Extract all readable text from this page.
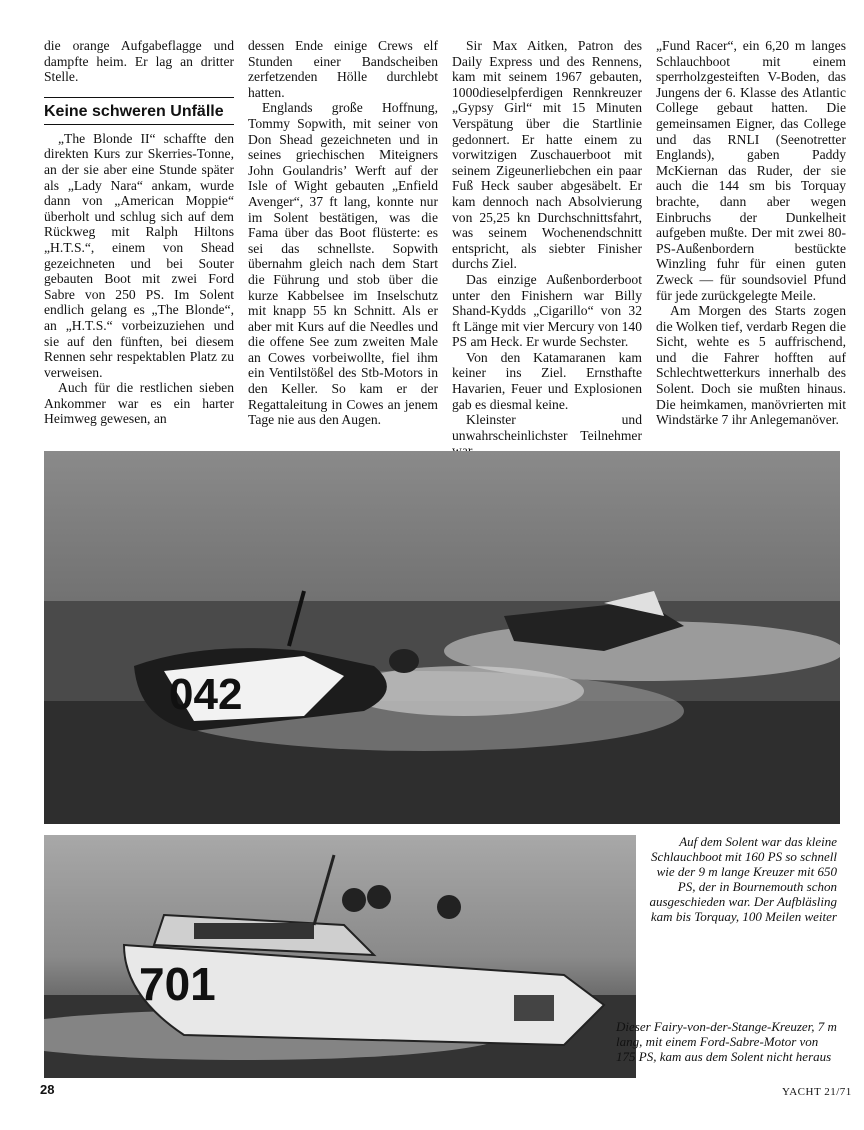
die orange Aufgabeflagge und dampfte heim. Er lag an dritter Stelle.

Keine schweren Unfälle

„The Blonde II“ schaffte den direkten Kurs zur Skerries-Tonne, an der sie aber eine Stunde später als „Lady Nara“ ankam, wurde dann von „American Moppie“ überholt und schlug sich auf dem Rückweg mit Ralph Hiltons „H.T.S.“, einem von Shead gezeichneten und bei Souter gebauten Boot mit zwei Ford Sabre von 250 PS. Im Solent endlich gelang es „The Blonde“, an „H.T.S.“ vorbeizuziehen und sie auf den fünften, bei diesem Rennen sehr respektablen Platz zu verweisen.

Auch für die restlichen sieben Ankommer war es ein harter Heimweg gewesen, an

dessen Ende einige Crews elf Stunden einer Bandscheiben zerfetzenden Hölle durchlebt hatten.

Englands große Hoffnung, Tommy Sopwith, mit seiner von Don Shead gezeichneten und in seines griechischen Miteigners John Goulandris’ Werft auf der Isle of Wight gebauten „Enfield Avenger“, 37 ft lang, konnte nur im Solent bestätigen, was die Fama über das Boot flüsterte: es sei das schnellste. Sopwith übernahm gleich nach dem Start die Führung und stob über die kurze Kabbelsee im Inselschutz mit knapp 55 kn Schnitt. Als er aber mit Kurs auf die Needles und die offene See zum zweiten Male an Cowes vorbeiwollte, fiel ihm ein Ventilstößel des Stb-Motors in den Keller. So kam er der Regattaleitung in Cowes an jenem Tage nie aus den Augen.

Sir Max Aitken, Patron des Daily Express und des Rennens, kam mit seinem 1967 gebauten, 1000dieselpferdigen Rennkreuzer „Gypsy Girl“ mit 15 Minuten Verspätung über die Startlinie gedonnert. Er hatte einem zu vorwitzigen Zuschauerboot mit seinem Zigeunerliebchen ein paar Fuß Heck sauber abgesäbelt. Er kam dennoch nach Absolvierung von 25,25 kn Durchschnittsfahrt, was seinem Wochenendschnitt entspricht, als siebter Finisher durchs Ziel.

Das einzige Außenborderboot unter den Finishern war Billy Shand-Kydds „Cigarillo“ von 32 ft Länge mit vier Mercury von 140 PS am Heck. Er wurde Sechster.

Von den Katamaranen kam keiner ins Ziel. Ernsthafte Havarien, Feuer und Explosionen gab es diesmal keine.

Kleinster und unwahrscheinlichster Teilnehmer

„Fund Racer“, ein 6,20 m langes Schlauchboot mit einem sperrholzgesteiften V-Boden, das Jungens der 6. Klasse des Atlantic College gebaut hatten. Die gemeinsamen Eigner, das College und das RNLI (Seenotretter Englands), gaben Paddy McKiernan das Ruder, der sie auch die 144 sm bis Torquay brachte, dann aber wegen Einbruchs der Dunkelheit aufgeben mußte. Der mit zwei 80-PS-Außenbordern bestückte Winzling fuhr für einen guten Zweck — für soundsoviel Pfund für jede zurückgelegte Meile.

Am Morgen des Starts zogen die Wolken tief, verdarb Regen die Sicht, wehte es 5 auffrischend, und die Fahrer hofften auf Schlechtwetterkurs innerhalb des Solent. Doch sie mußten hinaus. Die heimkamen, manövrierten mit Windstärke 7 ihr Anlegemanöver.

042
701
Auf dem Solent war das kleine Schlauchboot mit 160 PS so schnell wie der 9 m lange Kreuzer mit 650 PS, der in Bournemouth schon ausgeschieden war. Der Aufbläsling kam bis Torquay, 100 Meilen weiter
Dieser Fairy-von-der-Stange-Kreuzer, 7 m lang, mit einem Ford-Sabre-Motor von 175 PS, kam aus dem Solent nicht heraus
28	YACHT 21/71
